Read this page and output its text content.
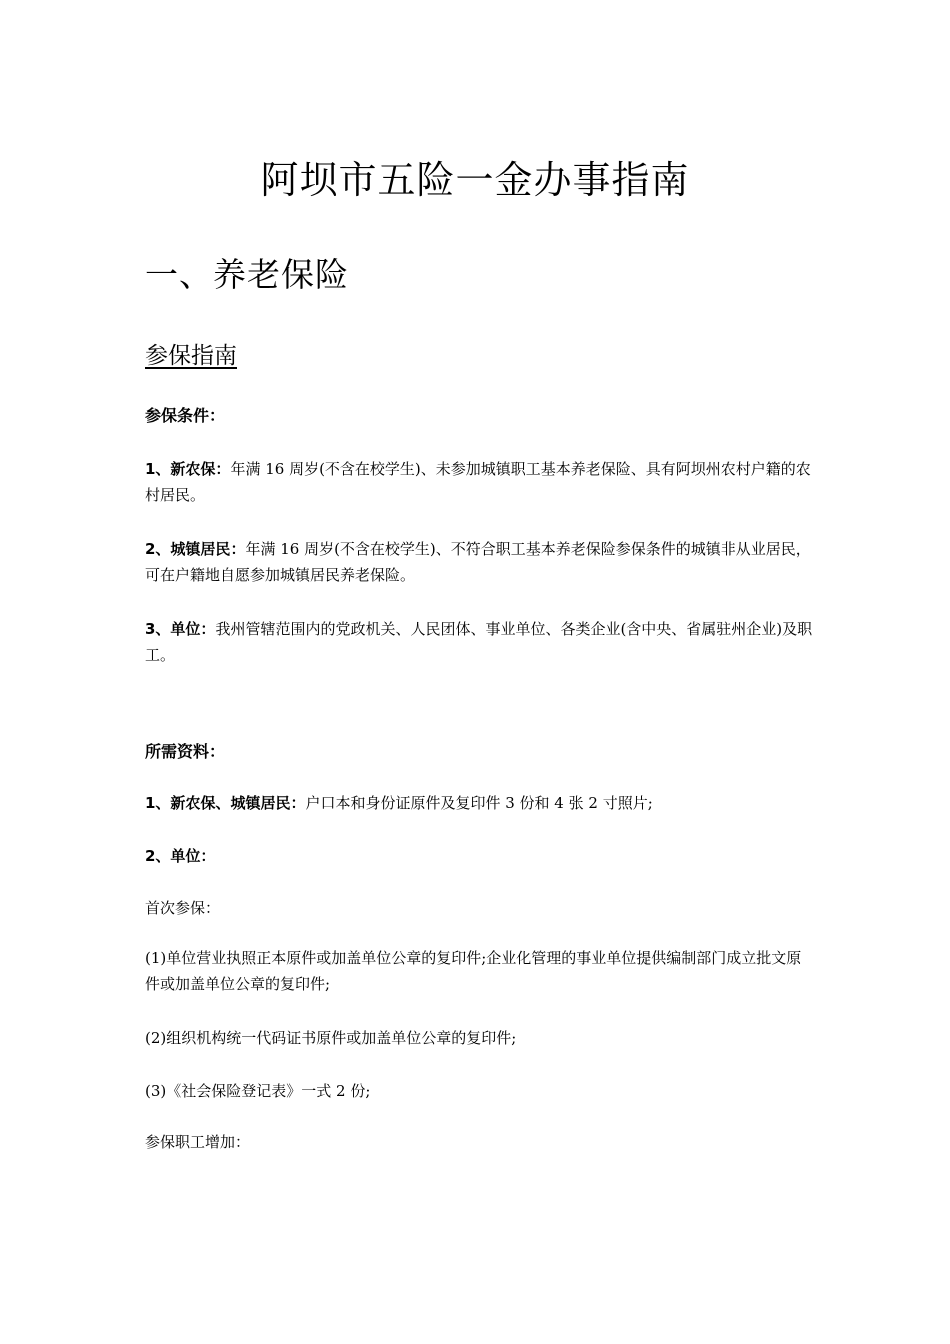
阿坝市五险一金办事指南
一、养老保险
参保指南
参保条件：

1、新农保：年满 16 周岁(不含在校学生)、未参加城镇职工基本养老保险、具有阿坝州农村户籍的农村居民。

2、城镇居民：年满 16 周岁(不含在校学生)、不符合职工基本养老保险参保条件的城镇非从业居民，可在户籍地自愿参加城镇居民养老保险。

3、单位：我州管辖范围内的党政机关、人民团体、事业单位、各类企业(含中央、省属驻州企业)及职工。

所需资料：

1、新农保、城镇居民：户口本和身份证原件及复印件 3 份和 4 张 2 寸照片;

2、单位：

首次参保：

(1)单位营业执照正本原件或加盖单位公章的复印件;企业化管理的事业单位提供编制部门成立批文原件或加盖单位公章的复印件;

(2)组织机构统一代码证书原件或加盖单位公章的复印件;

(3)《社会保险登记表》一式 2 份;

参保职工增加：
